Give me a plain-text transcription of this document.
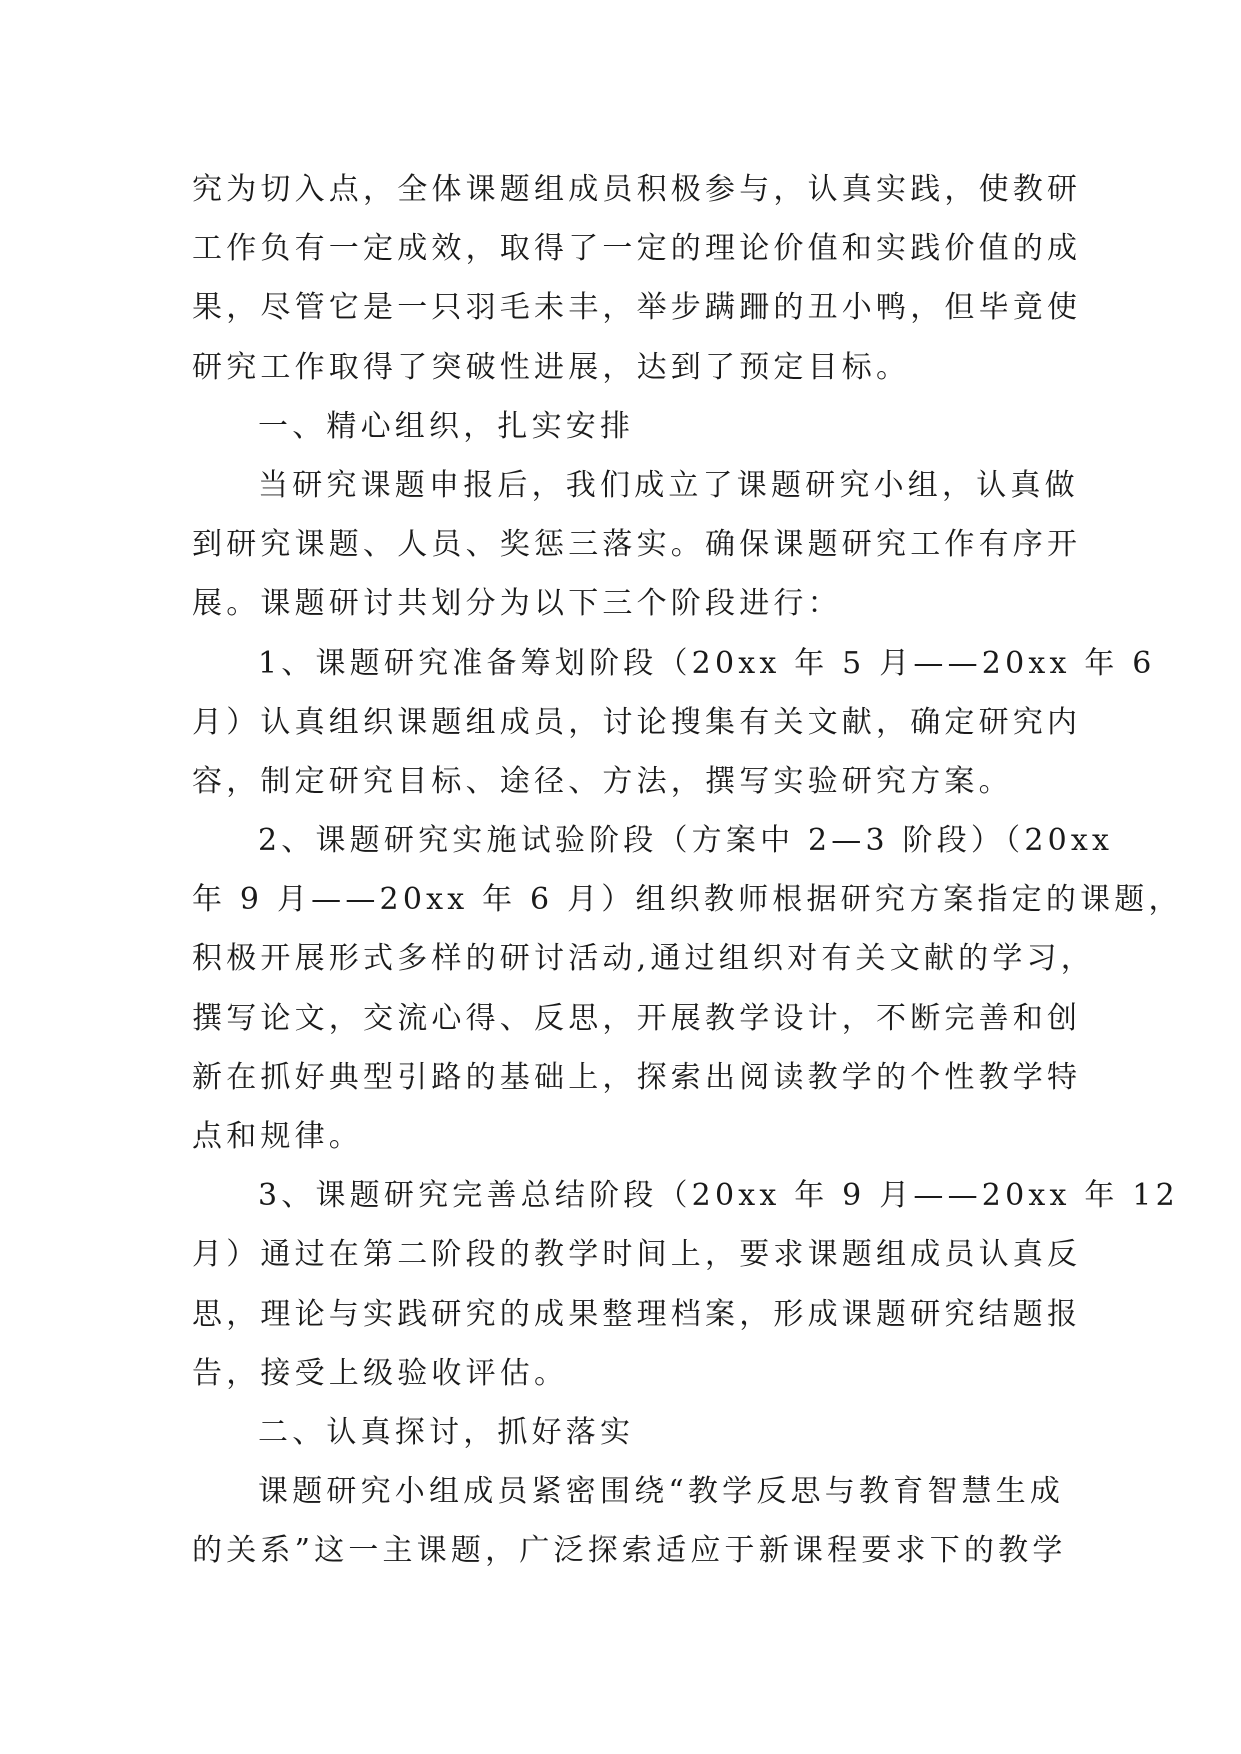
究为切入点，全体课题组成员积极参与，认真实践，使教研
工作负有一定成效，取得了一定的理论价值和实践价值的成
果，尽管它是一只羽毛未丰，举步蹒跚的丑小鸭，但毕竟使
研究工作取得了突破性进展，达到了预定目标。
一、精心组织，扎实安排
当研究课题申报后，我们成立了课题研究小组，认真做
到研究课题、人员、奖惩三落实。确保课题研究工作有序开
展。课题研讨共划分为以下三个阶段进行：
1、课题研究准备筹划阶段（20xx 年 5 月——20xx 年 6
月）认真组织课题组成员，讨论搜集有关文献，确定研究内
容，制定研究目标、途径、方法，撰写实验研究方案。
2、课题研究实施试验阶段（方案中 2—3 阶段）（20xx
年 9 月——20xx 年 6 月）组织教师根据研究方案指定的课题，
积极开展形式多样的研讨活动,通过组织对有关文献的学习，
撰写论文，交流心得、反思，开展教学设计，不断完善和创
新在抓好典型引路的基础上，探索出阅读教学的个性教学特
点和规律。
3、课题研究完善总结阶段（20xx 年 9 月——20xx 年 12
月）通过在第二阶段的教学时间上，要求课题组成员认真反
思，理论与实践研究的成果整理档案，形成课题研究结题报
告，接受上级验收评估。
二、认真探讨，抓好落实
课题研究小组成员紧密围绕“教学反思与教育智慧生成
的关系”这一主课题，广泛探索适应于新课程要求下的教学
